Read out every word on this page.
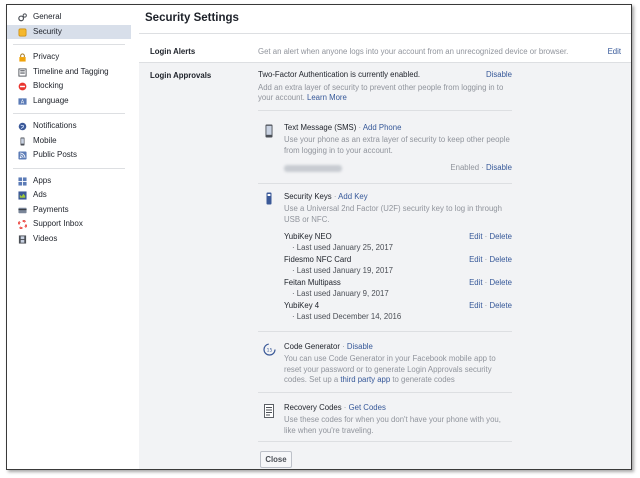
General
Security
Privacy
Timeline and Tagging
Blocking
A Language
Notifications
Mobile
Public Posts
Apps
Ads
Payments
Support Inbox
Videos
Security Settings
Login Alerts	Get an alert when anyone logs into your account from an unrecognized device or browser.	Edit
Login Approvals	Two-Factor Authentication is currently enabled.	Disable
Add an extra layer of security to prevent other people from logging in to your account. Learn More
Text Message (SMS) · Add Phone
Use your phone as an extra layer of security to keep other people from logging in to your account.
Enabled · Disable
Security Keys · Add Key
Use a Universal 2nd Factor (U2F) security key to log in through USB or NFC.
YubiKey NEO	Edit · Delete
· Last used January 25, 2017
Fidesmo NFC Card	Edit · Delete
· Last used January 19, 2017
Feitan Multipass	Edit · Delete
· Last used January 9, 2017
YubiKey 4	Edit · Delete
· Last used December 14, 2016
15 Code Generator · Disable
You can use Code Generator in your Facebook mobile app to reset your password or to generate Login Approvals security codes. Set up a third party app to generate codes
Recovery Codes · Get Codes
Use these codes for when you don't have your phone with you, like when you're traveling.
Close
